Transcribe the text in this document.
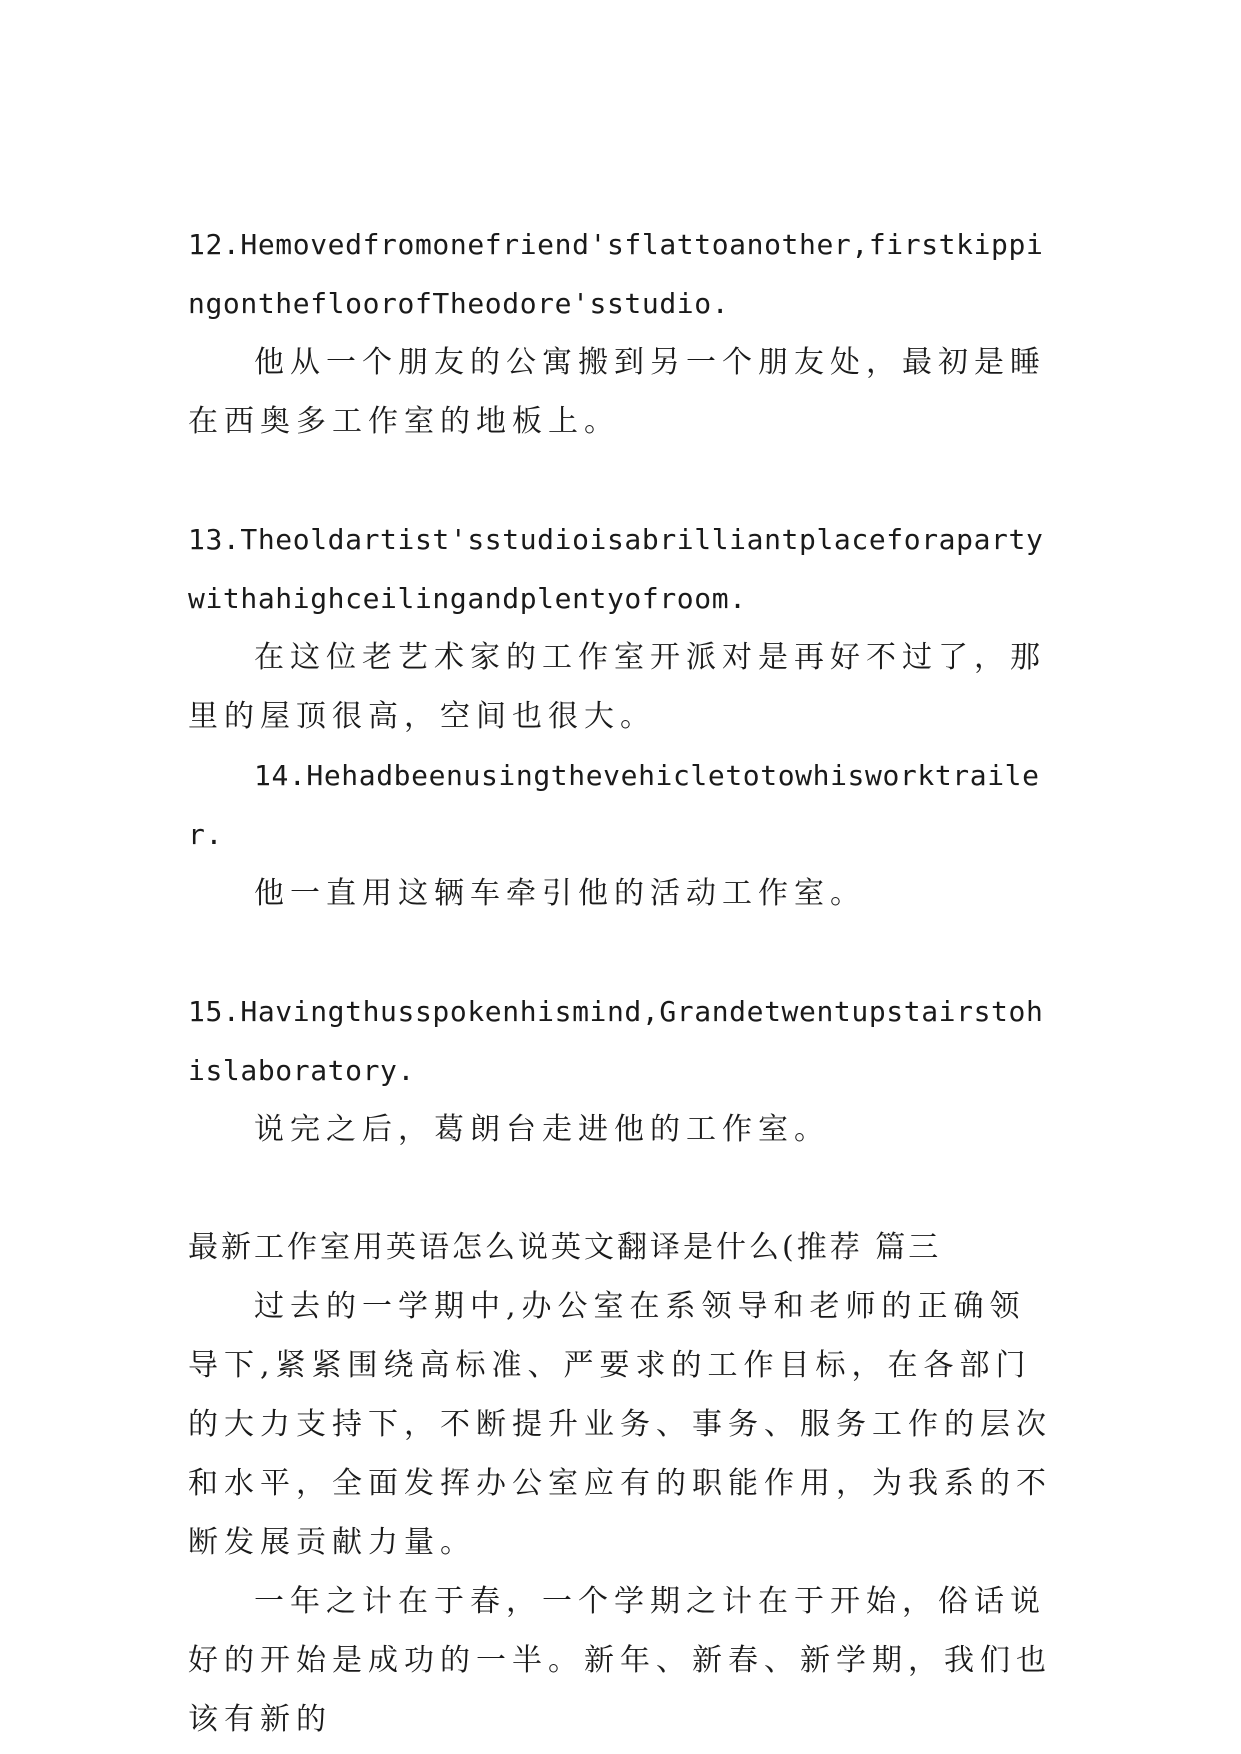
12.Hemovedfromonefriend'sflattoanother,firstkippingonthefloorofTheodore'sstudio.

他从一个朋友的公寓搬到另一个朋友处，最初是睡在西奥多工作室的地板上。

13.Theoldartist'sstudioisabrilliantplaceforapartywithahighceilingandplentyofroom.

在这位老艺术家的工作室开派对是再好不过了，那里的屋顶很高，空间也很大。

14.Hehadbeenusingthevehicletotowhisworktrailer.

他一直用这辆车牵引他的活动工作室。

15.Havingthusspokenhismind,Grandetwentupstairstohislaboratory.

说完之后，葛朗台走进他的工作室。

最新工作室用英语怎么说英文翻译是什么(推荐 篇三

过去的一学期中,办公室在系领导和老师的正确领导下,紧紧围绕高标准、严要求的工作目标，在各部门的大力支持下，不断提升业务、事务、服务工作的层次和水平，全面发挥办公室应有的职能作用，为我系的不断发展贡献力量。

一年之计在于春，一个学期之计在于开始，俗话说好的开始是成功的一半。新年、新春、新学期，我们也该有新的
